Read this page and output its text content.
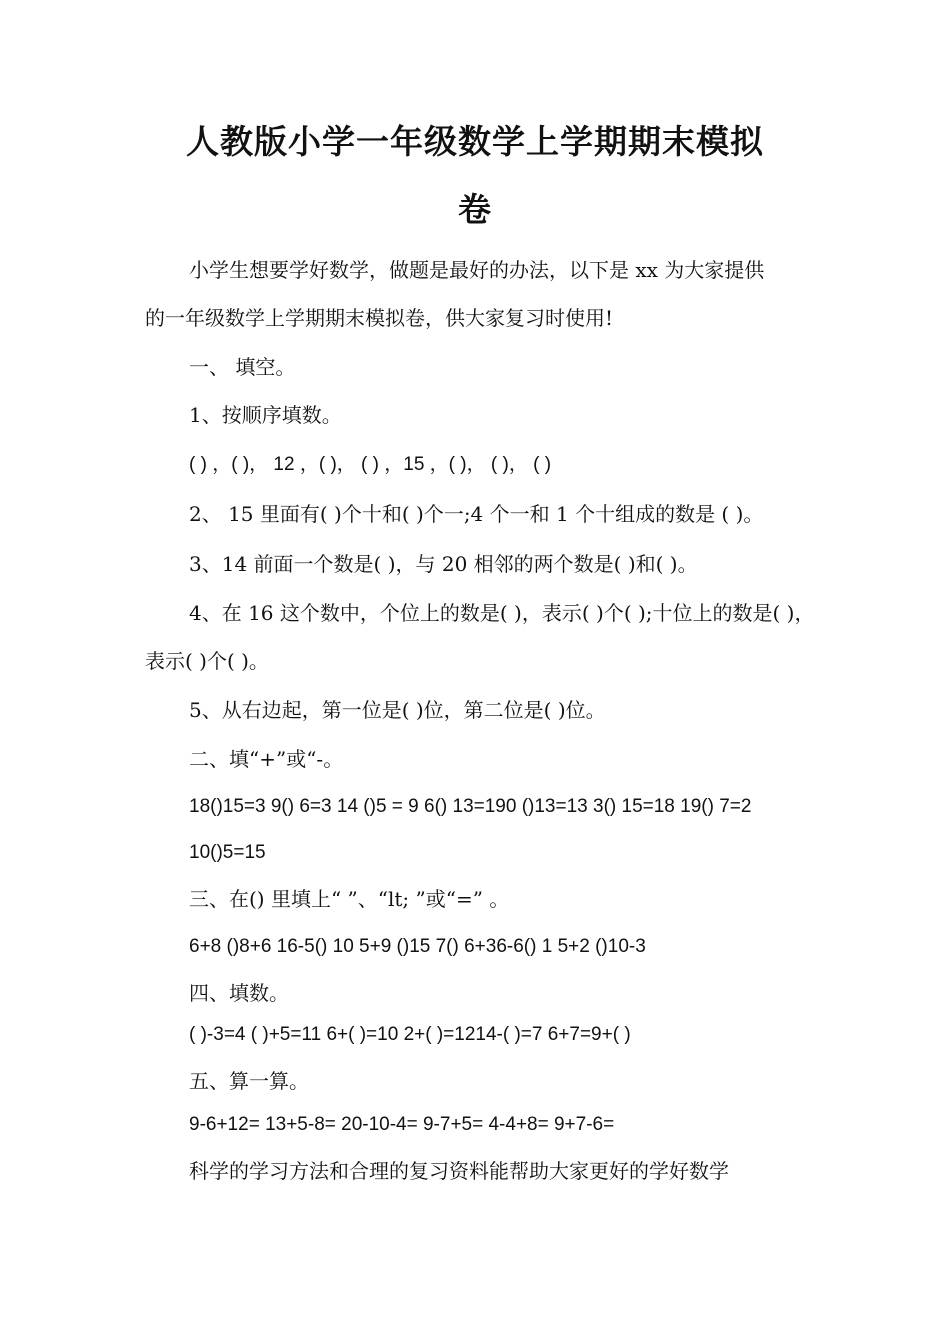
人教版小学一年级数学上学期期末模拟
卷

小学生想要学好数学，做题是最好的办法，以下是 xx 为大家提供

的一年级数学上学期期末模拟卷，供大家复习时使用!

一、 填空。

1、按顺序填数。

( ) ，( )， 12 ，( )， ( ) ，15 ，( )， ( )， ( )

2、 15 里面有( )个十和( )个一;4 个一和 1 个十组成的数是 ( )。

3、14 前面一个数是( )，与 20 相邻的两个数是( )和( )。

4、在 16 这个数中，个位上的数是( )，表示( )个( );十位上的数是( )，

表示( )个( )。

5、从右边起，第一位是( )位，第二位是( )位。

二、填“+”或“-。

18()15=3 9() 6=3 14 ()5 = 9 6() 13=190 ()13=13 3() 15=18 19() 7=2

10()5=15

三、在() 里填上“ ”、“lt; ”或“=” 。

6+8 ()8+6 16-5() 10 5+9 ()15 7() 6+36-6() 1 5+2 ()10-3

四、填数。

( )-3=4 ( )+5=11 6+( )=10 2+( )=1214-( )=7 6+7=9+( )

五、算一算。

9-6+12= 13+5-8= 20-10-4= 9-7+5= 4-4+8= 9+7-6=

科学的学习方法和合理的复习资料能帮助大家更好的学好数学
